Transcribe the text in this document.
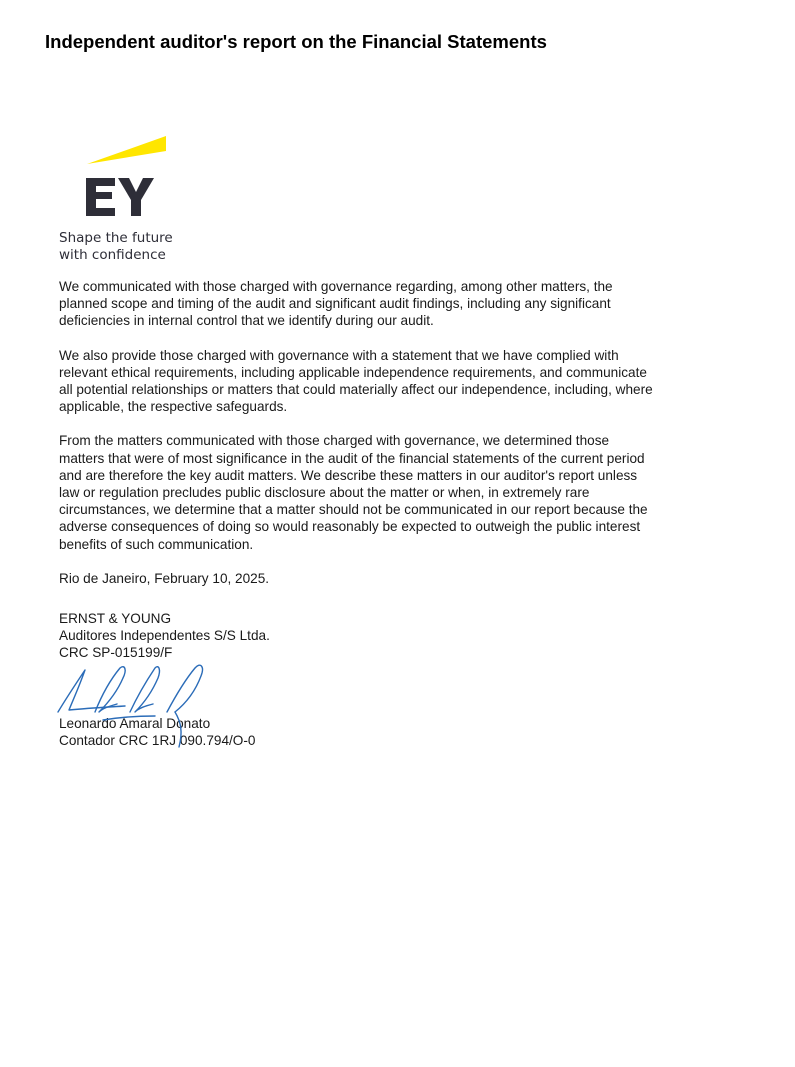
Independent auditor's report on the Financial Statements
Shape the future
with confidence

We communicated with those charged with governance regarding, among other matters, the
planned scope and timing of the audit and significant audit findings, including any significant
deficiencies in internal control that we identify during our audit.

We also provide those charged with governance with a statement that we have complied with
relevant ethical requirements, including applicable independence requirements, and communicate
all potential relationships or matters that could materially affect our independence, including, where
applicable, the respective safeguards.

From the matters communicated with those charged with governance, we determined those
matters that were of most significance in the audit of the financial statements of the current period
and are therefore the key audit matters. We describe these matters in our auditor's report unless
law or regulation precludes public disclosure about the matter or when, in extremely rare
circumstances, we determine that a matter should not be communicated in our report because the
adverse consequences of doing so would reasonably be expected to outweigh the public interest
benefits of such communication.

Rio de Janeiro, February 10, 2025.

ERNST & YOUNG
Auditores Independentes S/S Ltda.
CRC SP-015199/F
Leonardo Amaral Donato
Contador CRC 1RJ 090.794/O-0
